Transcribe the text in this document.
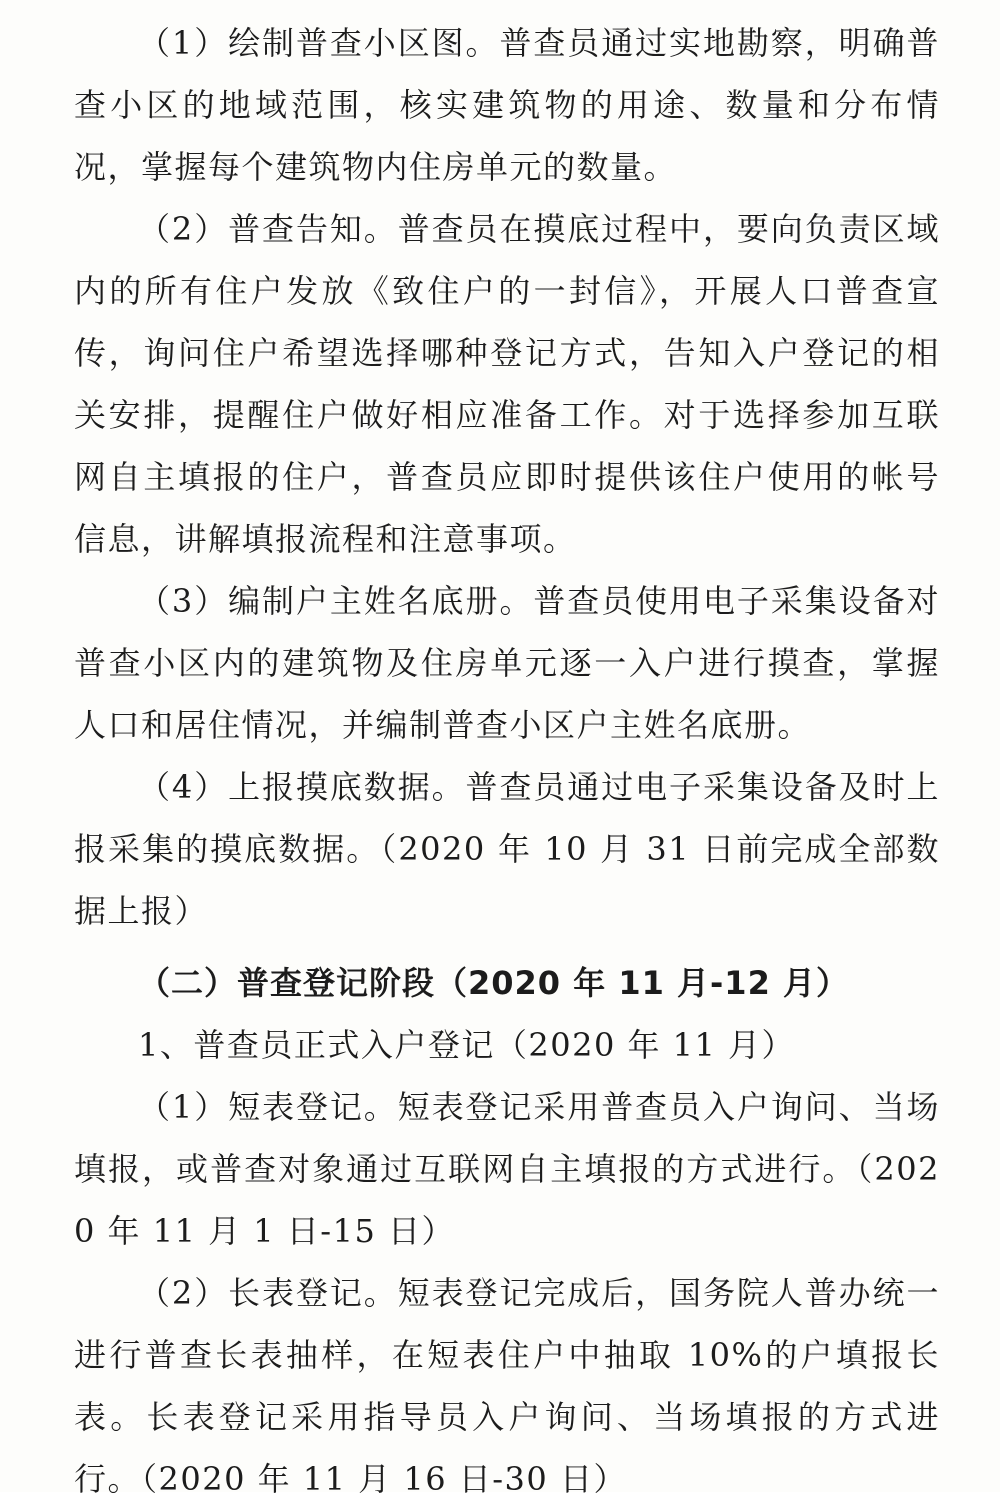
（1）绘制普查小区图。普查员通过实地勘察，明确普查小区的地域范围，核实建筑物的用途、数量和分布情况，掌握每个建筑物内住房单元的数量。

（2）普查告知。普查员在摸底过程中，要向负责区域内的所有住户发放《致住户的一封信》，开展人口普查宣传，询问住户希望选择哪种登记方式，告知入户登记的相关安排，提醒住户做好相应准备工作。对于选择参加互联网自主填报的住户，普查员应即时提供该住户使用的帐号信息，讲解填报流程和注意事项。

（3）编制户主姓名底册。普查员使用电子采集设备对普查小区内的建筑物及住房单元逐一入户进行摸查，掌握人口和居住情况，并编制普查小区户主姓名底册。

（4）上报摸底数据。普查员通过电子采集设备及时上报采集的摸底数据。（2020 年 10 月 31 日前完成全部数据上报）

（二）普查登记阶段（2020 年 11 月-12 月）

1、普查员正式入户登记（2020 年 11 月）

（1）短表登记。短表登记采用普查员入户询问、当场填报，或普查对象通过互联网自主填报的方式进行。（2020 年 11 月 1 日-15 日）

（2）长表登记。短表登记完成后，国务院人普办统一进行普查长表抽样，在短表住户中抽取 10%的户填报长表。长表登记采用指导员入户询问、当场填报的方式进行。（2020 年 11 月 16 日-30 日）
